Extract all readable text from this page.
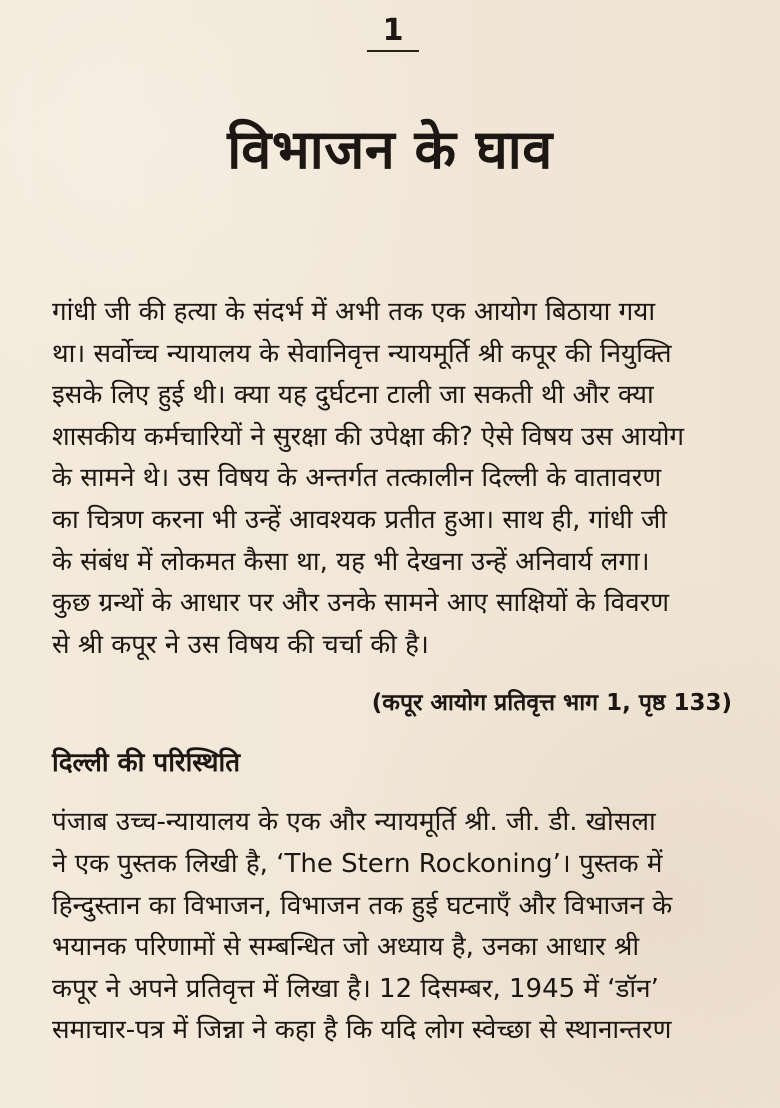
1
विभाजन के घाव

गांधी जी की हत्या के संदर्भ में अभी तक एक आयोग बिठाया गया
था। सर्वोच्च न्यायालय के सेवानिवृत्त न्यायमूर्ति श्री कपूर की नियुक्ति
इसके लिए हुई थी। क्या यह दुर्घटना टाली जा सकती थी और क्या
शासकीय कर्मचारियों ने सुरक्षा की उपेक्षा की? ऐसे विषय उस आयोग
के सामने थे। उस विषय के अन्तर्गत तत्कालीन दिल्ली के वातावरण
का चित्रण करना भी उन्हें आवश्यक प्रतीत हुआ। साथ ही, गांधी जी
के संबंध में लोकमत कैसा था, यह भी देखना उन्हें अनिवार्य लगा।
कुछ ग्रन्थों के आधार पर और उनके सामने आए साक्षियों के विवरण
से श्री कपूर ने उस विषय की चर्चा की है।

(कपूर आयोग प्रतिवृत्त भाग 1, पृष्ठ 133)
दिल्ली की परिस्थिति

पंजाब उच्च-न्यायालय के एक और न्यायमूर्ति श्री. जी. डी. खोसला
ने एक पुस्तक लिखी है, ‘The Stern Rockoning’। पुस्तक में
हिन्दुस्तान का विभाजन, विभाजन तक हुई घटनाएँ और विभाजन के
भयानक परिणामों से सम्बन्धित जो अध्याय है, उनका आधार श्री
कपूर ने अपने प्रतिवृत्त में लिखा है। 12 दिसम्बर, 1945 में ‘डॉन’
समाचार-पत्र में जिन्ना ने कहा है कि यदि लोग स्वेच्छा से स्थानान्तरण
